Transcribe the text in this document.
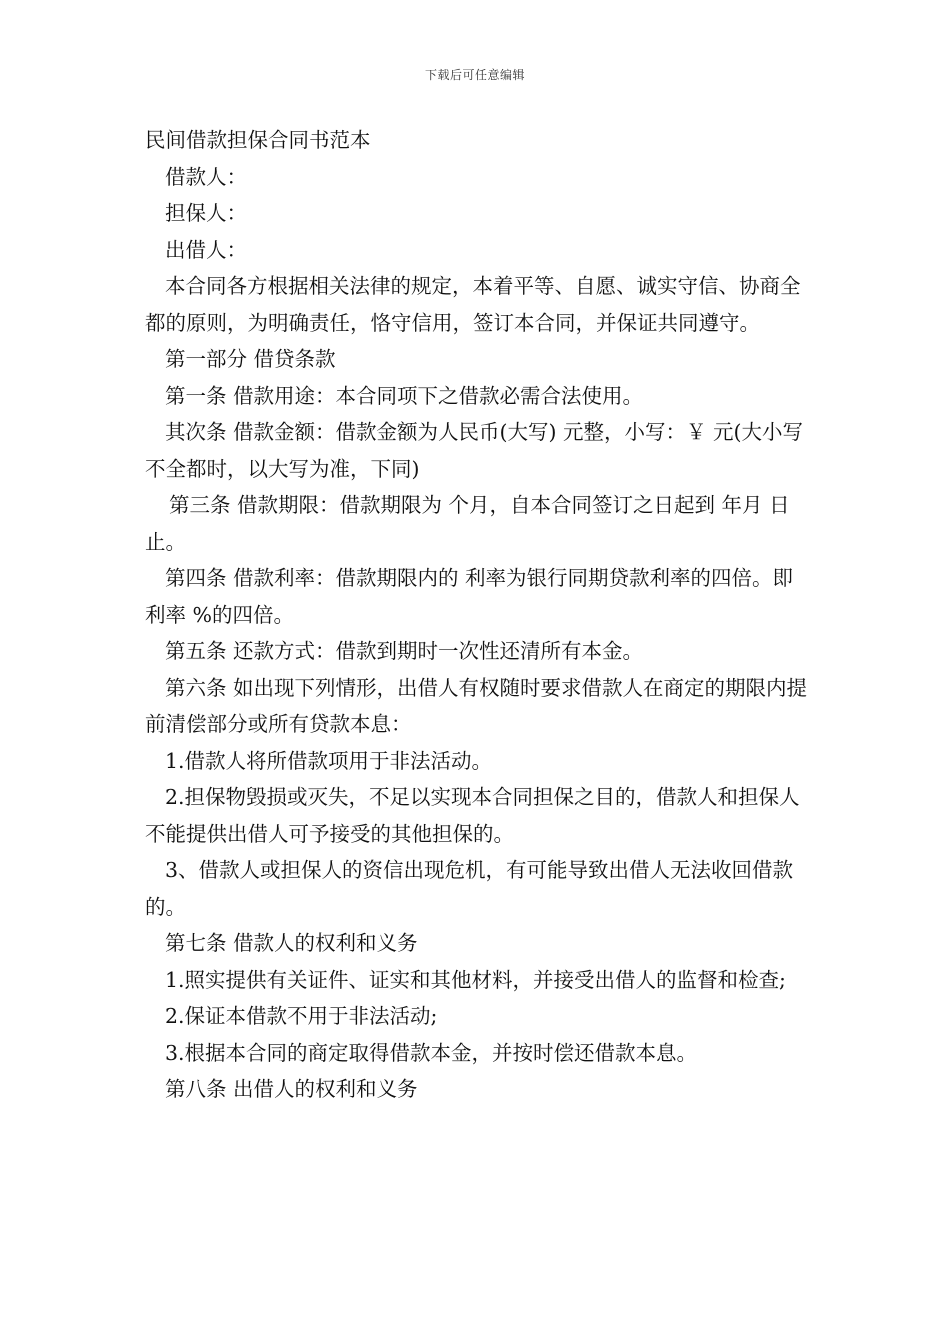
下载后可任意编辑

民间借款担保合同书范本

借款人：

担保人：

出借人：

本合同各方根据相关法律的规定，本着平等、自愿、诚实守信、协商全都的原则，为明确责任，恪守信用，签订本合同，并保证共同遵守。

第一部分 借贷条款

第一条 借款用途：本合同项下之借款必需合法使用。

其次条 借款金额：借款金额为人民币(大写) 元整，小写：￥ 元(大小写不全都时，以大写为准，下同)

第三条 借款期限：借款期限为 个月，自本合同签订之日起到 年月 日止。

第四条 借款利率：借款期限内的 利率为银行同期贷款利率的四倍。即 利率 %的四倍。

第五条 还款方式：借款到期时一次性还清所有本金。

第六条 如出现下列情形，出借人有权随时要求借款人在商定的期限内提前清偿部分或所有贷款本息：

1.借款人将所借款项用于非法活动。

2.担保物毁损或灭失，不足以实现本合同担保之目的，借款人和担保人不能提供出借人可予接受的其他担保的。

3、借款人或担保人的资信出现危机，有可能导致出借人无法收回借款的。

第七条 借款人的权利和义务

1.照实提供有关证件、证实和其他材料，并接受出借人的监督和检查;

2.保证本借款不用于非法活动;

3.根据本合同的商定取得借款本金，并按时偿还借款本息。

第八条 出借人的权利和义务
